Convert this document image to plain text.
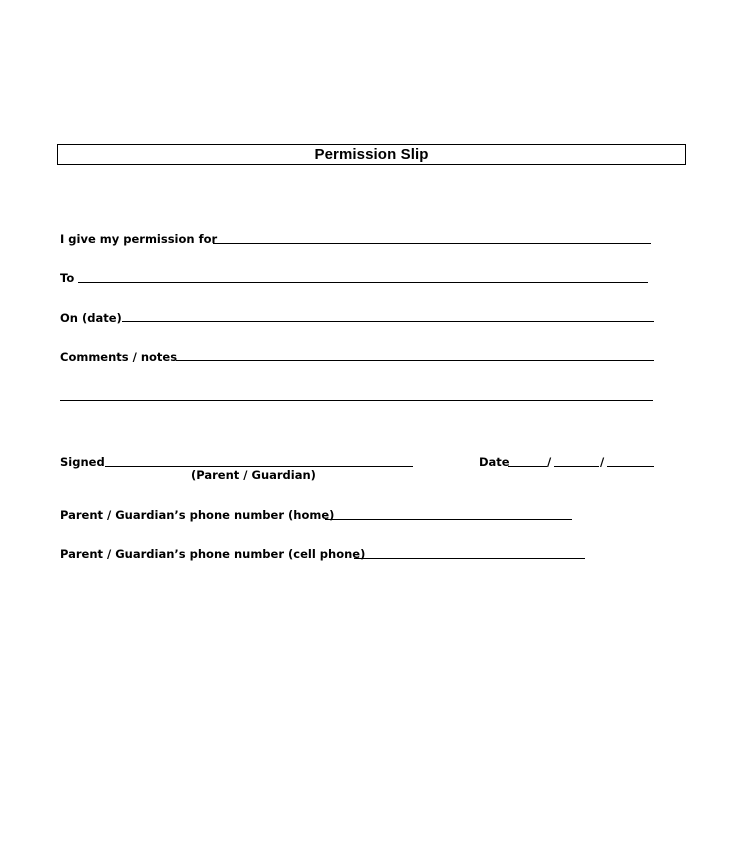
Permission Slip
I give my permission for
To
On (date)
Comments / notes
Signed
(Parent / Guardian)
Date	/	/
Parent / Guardian’s phone number (home)
Parent / Guardian’s phone number (cell phone)
